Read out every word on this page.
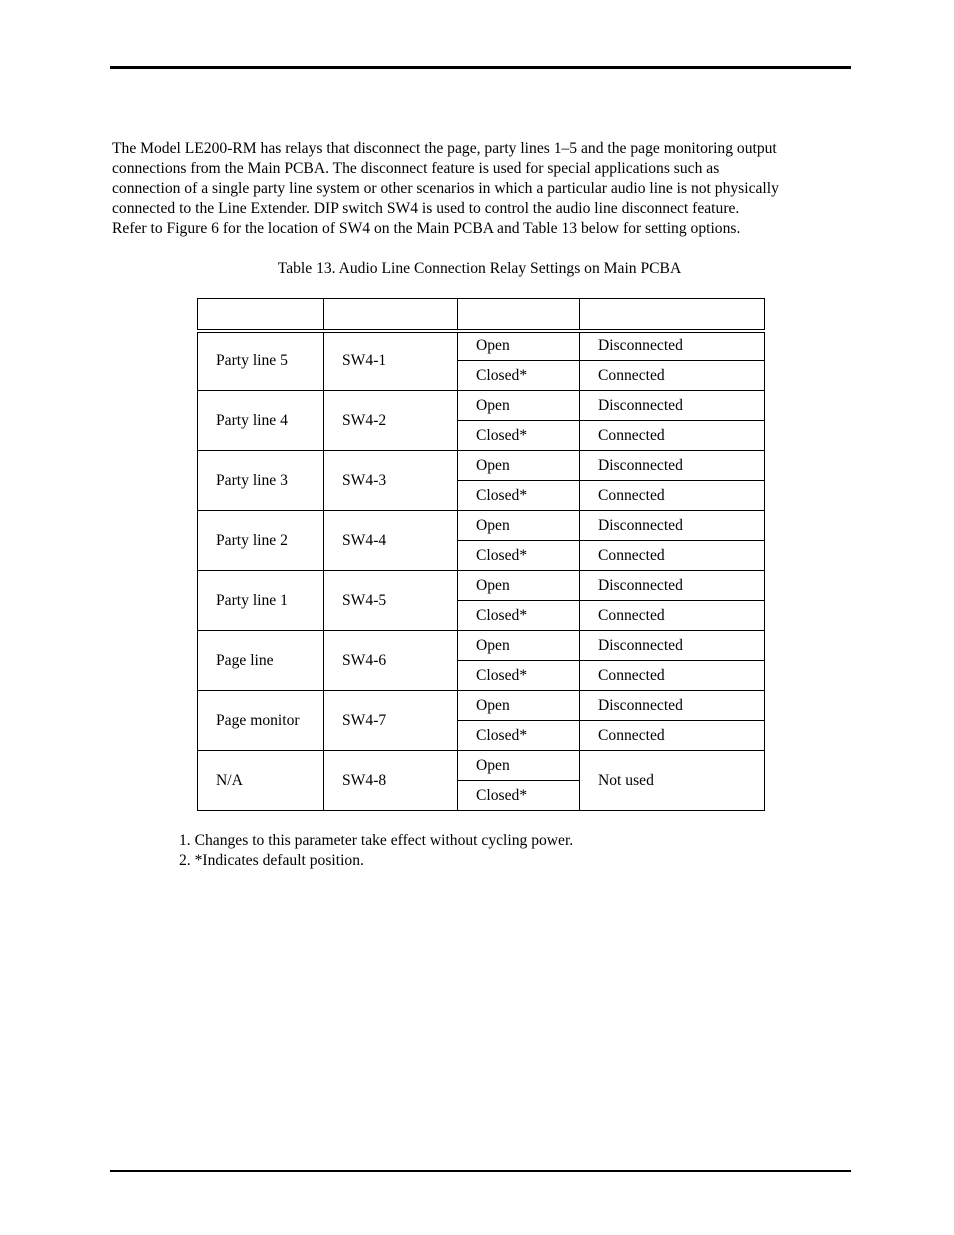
The Model LE200-RM has relays that disconnect the page, party lines 1–5 and the page monitoring output
connections from the Main PCBA. The disconnect feature is used for special applications such as
connection of a single party line system or other scenarios in which a particular audio line is not physically
connected to the Line Extender. DIP switch SW4 is used to control the audio line disconnect feature.
Refer to Figure 6 for the location of SW4 on the Main PCBA and Table 13 below for setting options.

Table 13. Audio Line Connection Relay Settings on Main PCBA

Party line 5	SW4-1	Open	Disconnected
		Closed*	Connected
Party line 4	SW4-2	Open	Disconnected
		Closed*	Connected
Party line 3	SW4-3	Open	Disconnected
		Closed*	Connected
Party line 2	SW4-4	Open	Disconnected
		Closed*	Connected
Party line 1	SW4-5	Open	Disconnected
		Closed*	Connected
Page line	SW4-6	Open	Disconnected
		Closed*	Connected
Page monitor	SW4-7	Open	Disconnected
		Closed*	Connected
N/A	SW4-8	Open	Not used
		Closed*	
1. Changes to this parameter take effect without cycling power.
2. *Indicates default position.
